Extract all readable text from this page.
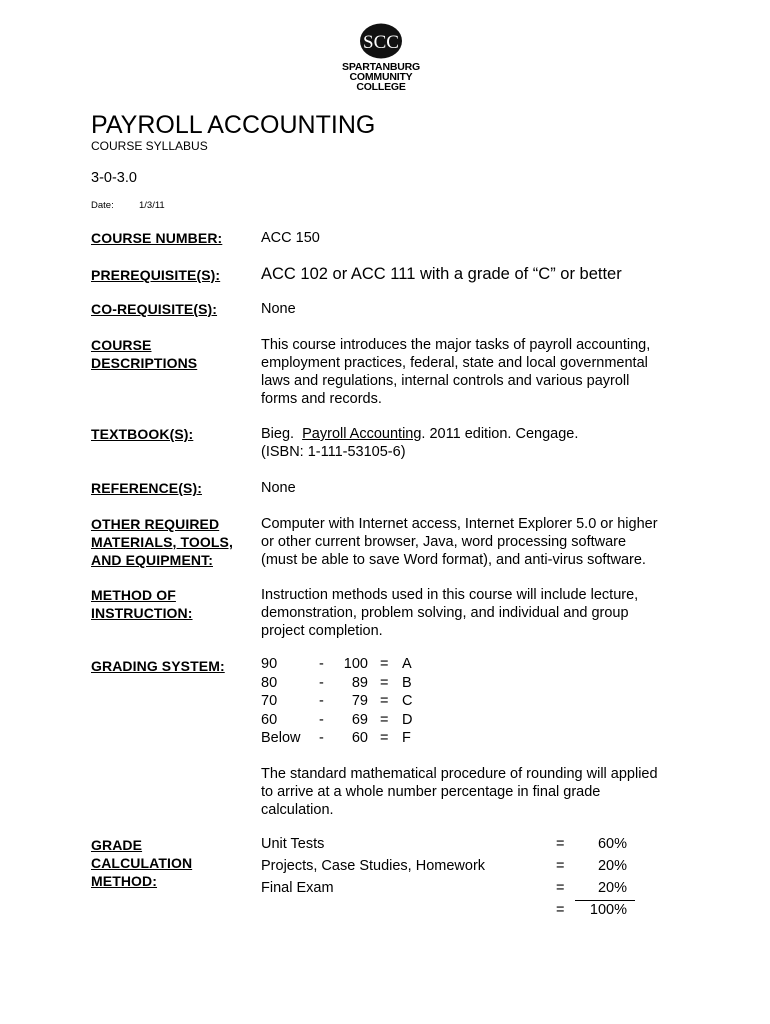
SCC
SPARTANBURG
COMMUNITY
COLLEGE
PAYROLL ACCOUNTING
COURSE SYLLABUS
3-0-3.0
Date:	1/3/11
COURSE NUMBER:	ACC 150
PREREQUISITE(S): ACC 102 or ACC 111 with a grade of “C” or better
CO-REQUISITE(S):	None
COURSE
DESCRIPTIONS
This course introduces the major tasks of payroll accounting,
employment practices, federal, state and local governmental
laws and regulations, internal controls and various payroll
forms and records.
TEXTBOOK(S):	Bieg. Payroll Accounting. 2011 edition. Cengage.
(ISBN: 1-111-53105-6)
REFERENCE(S):	None
OTHER REQUIRED
MATERIALS, TOOLS,
AND EQUIPMENT:
Computer with Internet access, Internet Explorer 5.0 or higher
or other current browser, Java, word processing software
(must be able to save Word format), and anti-virus software.
METHOD OF
INSTRUCTION:
Instruction methods used in this course will include lecture,
demonstration, problem solving, and individual and group
project completion.
GRADING SYSTEM:	90	- 100 = A
80	-	89 = B
70	-	79 = C
60	-	69 = D
Below -	60 = F
The standard mathematical procedure of rounding will applied
to arrive at a whole number percentage in final grade
calculation.
GRADE
CALCULATION
METHOD:
Unit Tests	=	60%
Projects, Case Studies, Homework	=	20%
Final Exam	=	20%
=	100%
